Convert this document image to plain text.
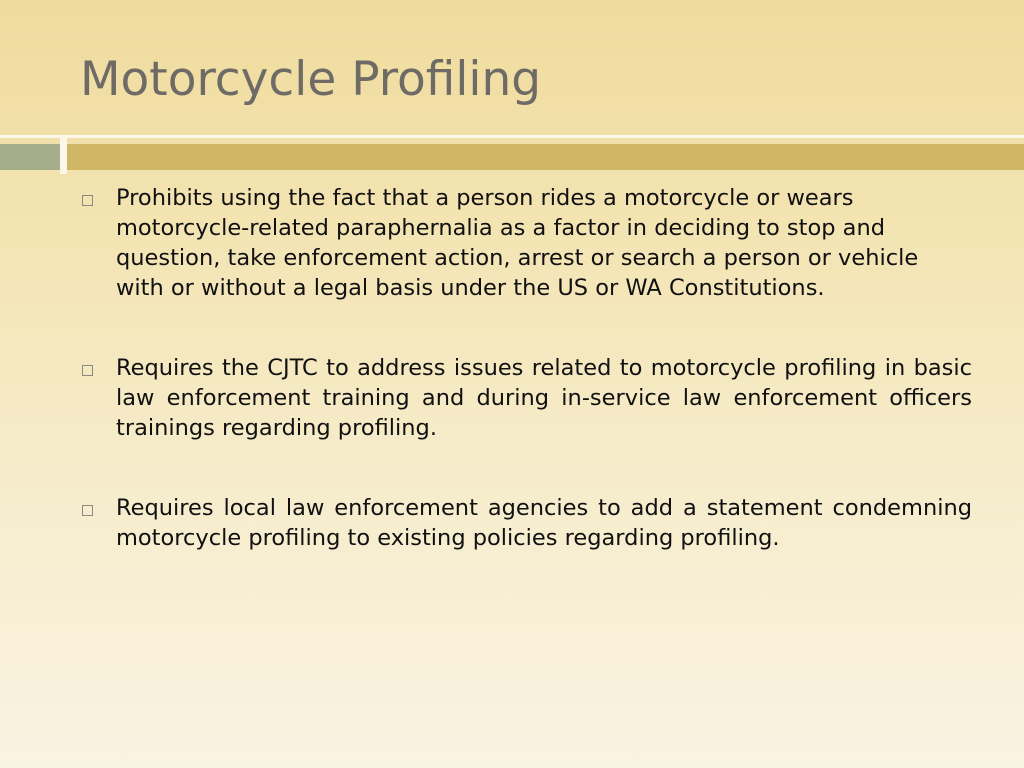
Motorcycle Profiling
Prohibits using the fact that a person rides a motorcycle or wears motorcycle-related paraphernalia as a factor in deciding to stop and question, take enforcement action, arrest or search a person or vehicle with or without a legal basis under the US or WA Constitutions.
Requires the CJTC to address issues related to motorcycle profiling in basic law enforcement training and during in-service law enforcement officers trainings regarding profiling.
Requires local law enforcement agencies to add a statement condemning motorcycle profiling to existing policies regarding profiling.
